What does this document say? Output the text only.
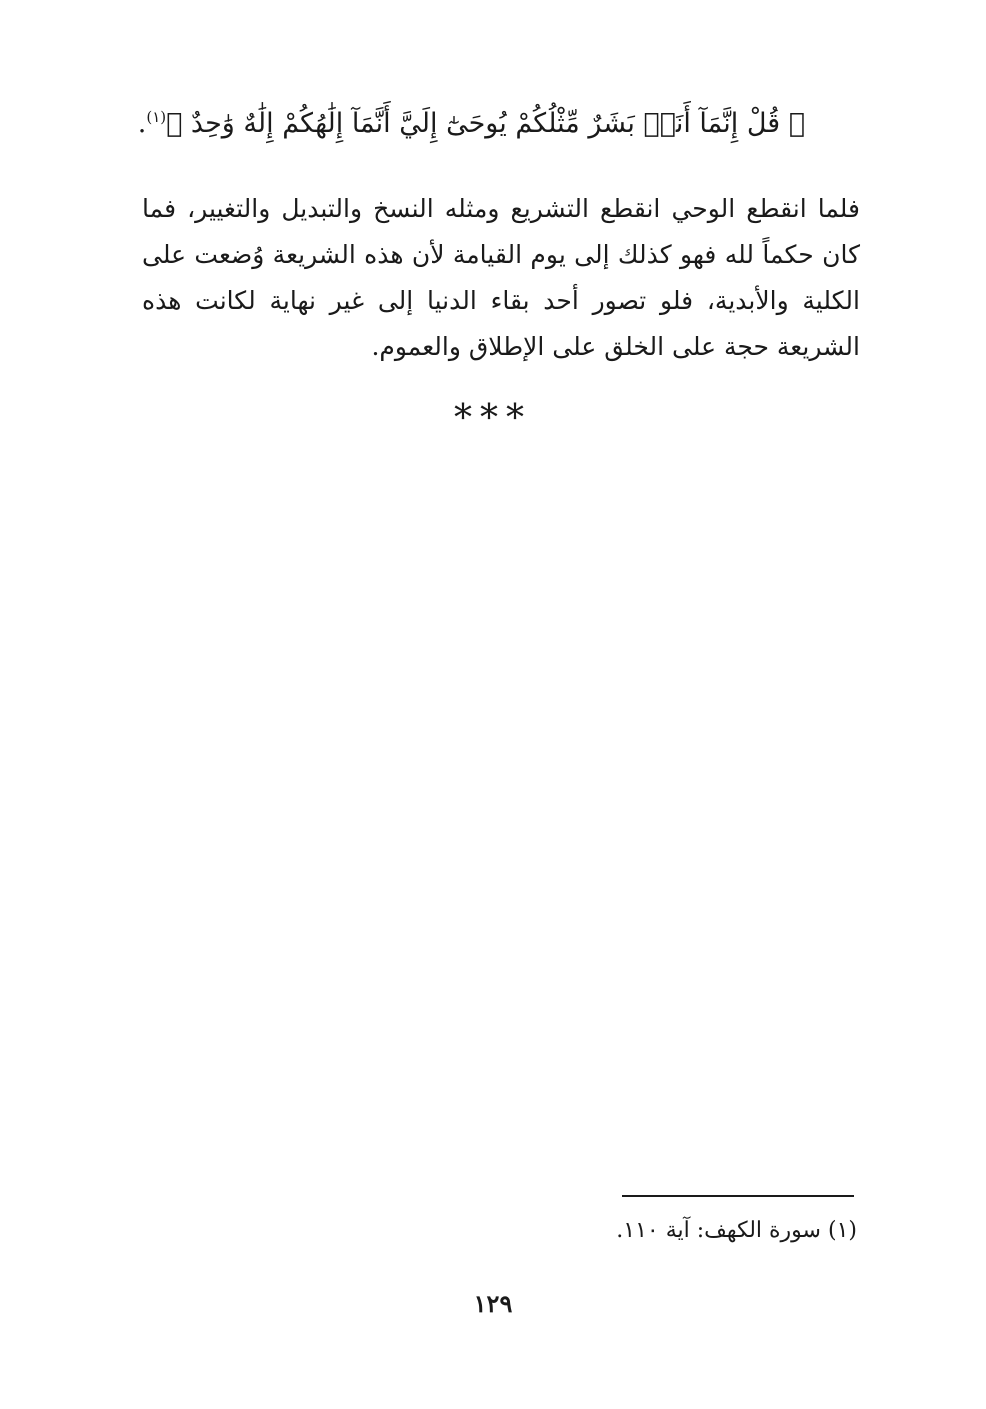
﴿ قُلْ إِنَّمَآ أَنَا۠ بَشَرٌ مِّثْلُكُمْ يُوحَىٰٓ إِلَيَّ أَنَّمَآ إِلَٰهُكُمْ إِلَٰهٌ وَٰحِدٌ ﴾$^{(١)}$.

فلما انقطع الوحي انقطع التشريع ومثله النسخ والتبديل والتغيير، فما كان حكماً لله فهو كذلك إلى يوم القيامة لأن هذه الشريعة وُضعت على الكلية والأبدية، فلو تصور أحد بقاء الدنيا إلى غير نهاية لكانت هذه الشريعة حجة على الخلق على الإطلاق والعموم.

***
(١) سورة الكهف: آية ١١٠.
١٢٩
